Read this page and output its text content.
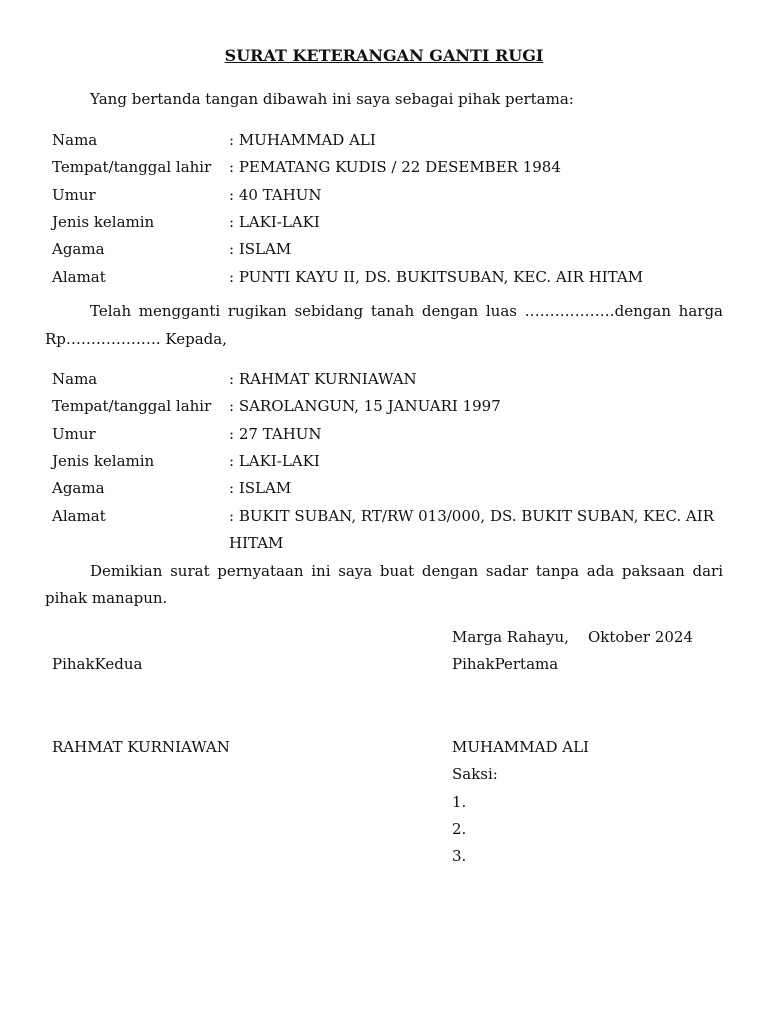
SURAT KETERANGAN GANTI RUGI
Yang bertanda tangan dibawah ini saya sebagai pihak pertama:
Nama	: MUHAMMAD ALI
Tempat/tanggal lahir : PEMATANG KUDIS / 22 DESEMBER 1984
Umur	: 40 TAHUN
Jenis kelamin	: LAKI-LAKI
Agama	: ISLAM
Alamat	: PUNTI KAYU II, DS. BUKITSUBAN, KEC. AIR HITAM
Telah mengganti rugikan sebidang tanah dengan luas ………………dengan harga
Rp………………. Kepada,
Nama	: RAHMAT KURNIAWAN
Tempat/tanggal lahir : SAROLANGUN, 15 JANUARI 1997
Umur	: 27 TAHUN
Jenis kelamin	: LAKI-LAKI
Agama	: ISLAM
Alamat	: BUKIT SUBAN, RT/RW 013/000, DS. BUKIT SUBAN, KEC. AIR
HITAM
Demikian surat pernyataan ini saya buat dengan sadar tanpa ada paksaan dari
pihak manapun.
Marga Rahayu,    Oktober 2024
PihakKedua	PihakPertama
RAHMAT KURNIAWAN	MUHAMMAD ALI
Saksi:
1.
2.
3.
